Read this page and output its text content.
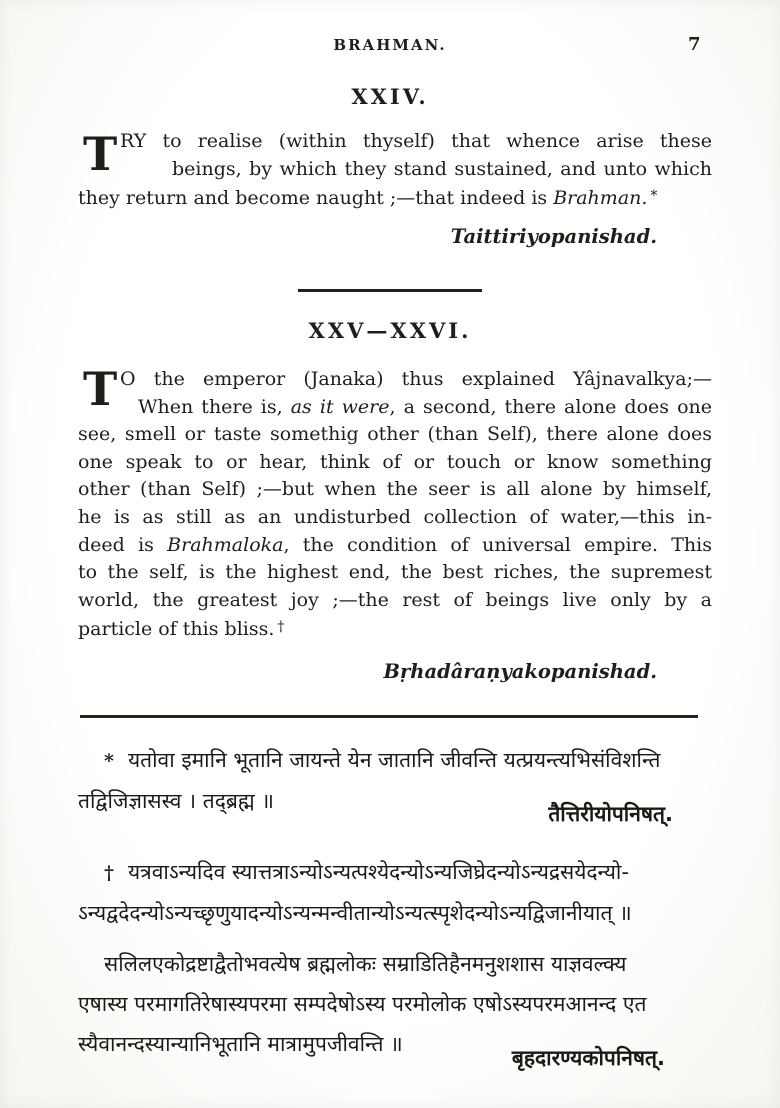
BRAHMAN.	7
XXIV.
T RY to realise (within thyself) that whence arise these
beings, by which they stand sustained, and unto which
they return and become naught ;—that indeed is Brahman. *
Taittiriyopanishad.
XXV—XXVI.
T O the emperor (Janaka) thus explained Yâjnavalkya;—
When there is, as it were, a second, there alone does one
see, smell or taste somethig other (than Self), there alone does
one speak to or hear, think of or touch or know something
other (than Self) ;—but when the seer is all alone by himself,
he is as still as an undisturbed collection of water,—this in-
deed is Brahmaloka, the condition of universal empire. This
to the self, is the highest end, the best riches, the supremest
world, the greatest joy ;—the rest of beings live only by a
particle of this bliss. †
Bṛhadâraṇyakopanishad.
* यतोवा इमानि भूतानि जायन्ते येन जातानि जीवन्ति यत्प्रयन्त्यभिसंविशन्ति
तद्विजिज्ञासस्व । तद्ब्रह्म ॥
तैत्तिरीयोपनिषत्.
† यत्रवाऽन्यदिव स्यात्तत्राऽन्योऽन्यत्पश्येदन्योऽन्यजिघ्रेदन्योऽन्यद्रसयेदन्यो-
ऽन्यद्वदेदन्योऽन्यच्छृणुयादन्योऽन्यन्मन्वीतान्योऽन्यत्स्पृशेदन्योऽन्यद्विजानीयात् ॥
सलिलएकोद्रष्टाद्वैतोभवत्येष ब्रह्मलोकः सम्राडितिहैनमनुशशास याज्ञवल्क्य
एषास्य परमागतिरेषास्यपरमा सम्पदेषोऽस्य परमोलोक एषोऽस्यपरमआनन्द एत
स्यैवानन्दस्यान्यानिभूतानि मात्रामुपजीवन्ति ॥
बृहदारण्यकोपनिषत्.
